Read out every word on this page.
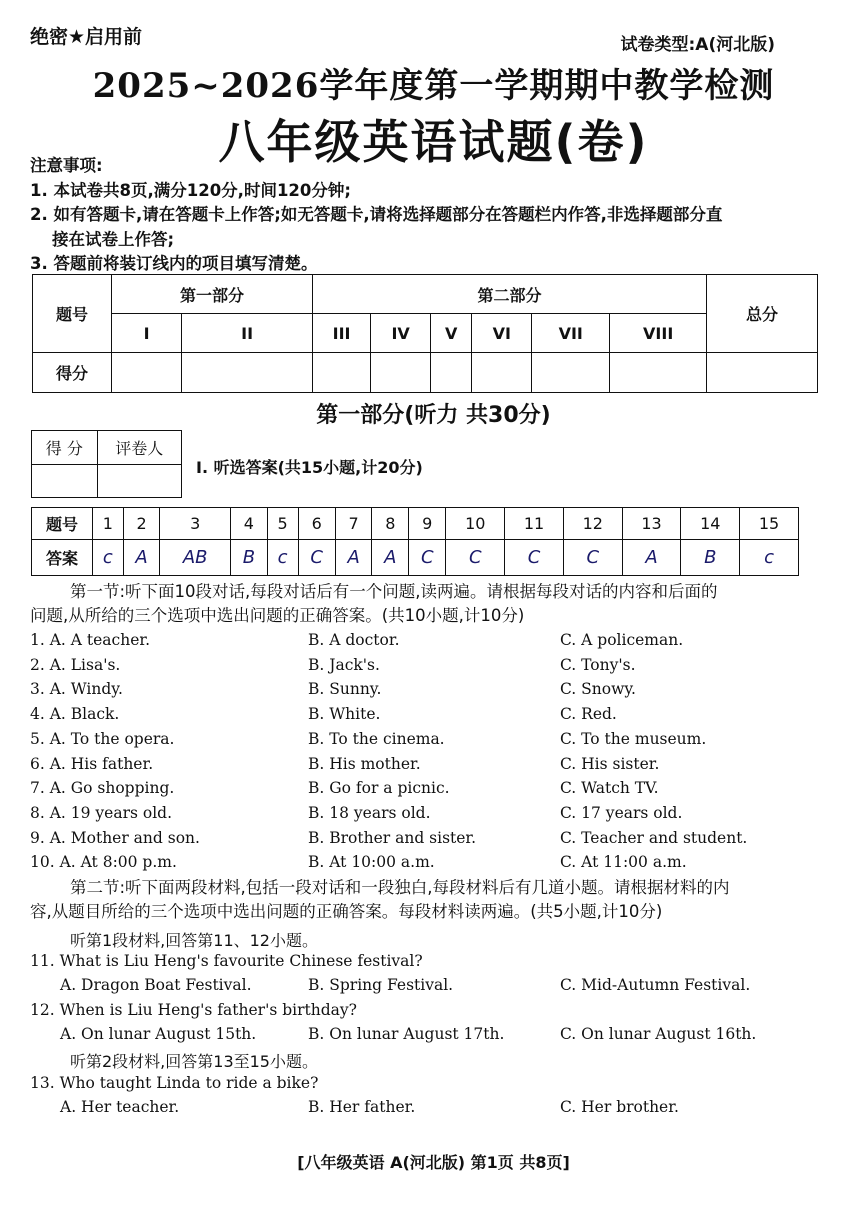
绝密★启用前	试卷类型:A(河北版)
2025~2026学年度第一学期期中教学检测
八年级英语试题(卷)
注意事项:
1. 本试卷共8页,满分120分,时间120分钟;
2. 如有答题卡,请在答题卡上作答;如无答题卡,请将选择题部分在答题栏内作答,非选择题部分直
接在试卷上作答;
3. 答题前将装订线内的项目填写清楚。
题号	第一部分		第二部分						总分
	I	II	III	IV	V	VI	VII	VIII	
得分									
第一部分(听力 共30分)
得 分	评卷人

I. 听选答案(共15小题,计20分)
题号	1	2	3	4	5	6	7	8	9	10	11	12	13	14	15
答案	c	A	AB	B	c	C	A	A	C	C	C	C	A	B	c
第一节:听下面10段对话,每段对话后有一个问题,读两遍。请根据每段对话的内容和后面的
问题,从所给的三个选项中选出问题的正确答案。(共10小题,计10分)
1. A. A teacher.	B. A doctor.	C. A policeman.
2. A. Lisa's.	B. Jack's.	C. Tony's.
3. A. Windy.	B. Sunny.	C. Snowy.
4. A. Black.	B. White.	C. Red.
5. A. To the opera.	B. To the cinema.	C. To the museum.
6. A. His father.	B. His mother.	C. His sister.
7. A. Go shopping.	B. Go for a picnic.	C. Watch TV.
8. A. 19 years old.	B. 18 years old.	C. 17 years old.
9. A. Mother and son.	B. Brother and sister.	C. Teacher and student.
10. A. At 8:00 p.m.	B. At 10:00 a.m.	C. At 11:00 a.m.
第二节:听下面两段材料,包括一段对话和一段独白,每段材料后有几道小题。请根据材料的内
容,从题目所给的三个选项中选出问题的正确答案。每段材料读两遍。(共5小题,计10分)
听第1段材料,回答第11、12小题。
11. What is Liu Heng's favourite Chinese festival?
A. Dragon Boat Festival.	B. Spring Festival.	C. Mid-Autumn Festival.
12. When is Liu Heng's father's birthday?
A. On lunar August 15th.	B. On lunar August 17th.	C. On lunar August 16th.
听第2段材料,回答第13至15小题。
13. Who taught Linda to ride a bike?
A. Her teacher.	B. Her father.	C. Her brother.
[八年级英语 A(河北版) 第1页 共8页]
